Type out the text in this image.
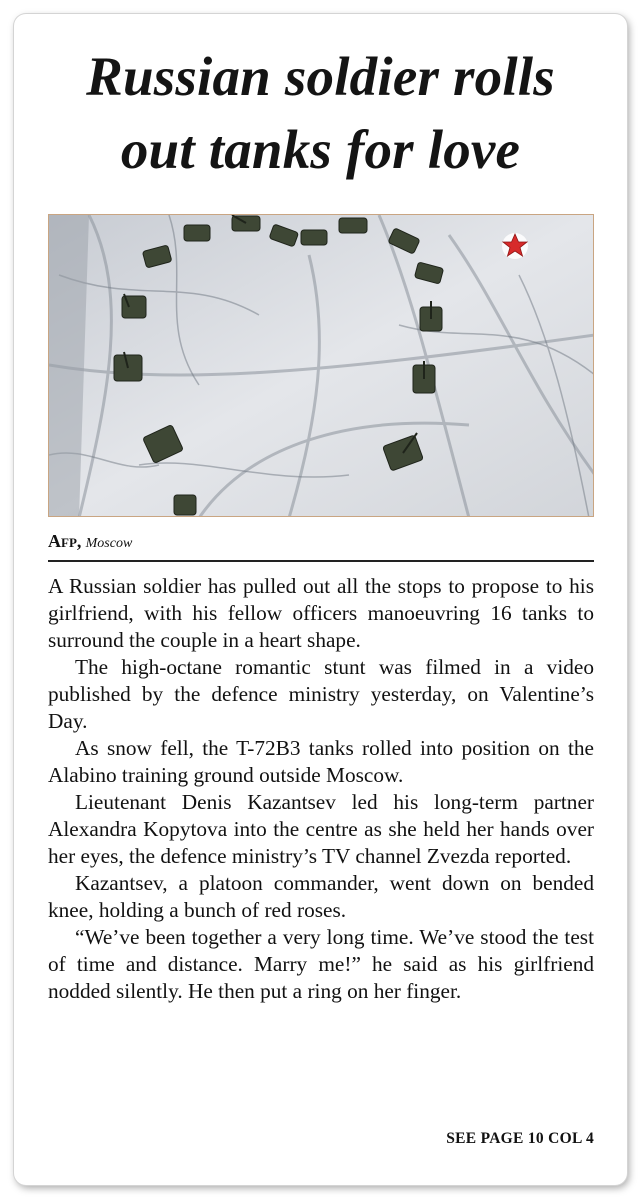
Russian soldier rolls
out tanks for love
Afp, Moscow

A Russian soldier has pulled out all the stops to propose to his girlfriend, with his fellow officers manoeuvring 16 tanks to surround the couple in a heart shape.

The high-octane romantic stunt was filmed in a video published by the defence ministry yesterday, on Valentine’s Day.

As snow fell, the T-72B3 tanks rolled into position on the Alabino training ground outside Moscow.

Lieutenant Denis Kazantsev led his long-term partner Alexandra Kopytova into the centre as she held her hands over her eyes, the defence ministry’s TV channel Zvezda reported.

Kazantsev, a platoon commander, went down on bended knee, holding a bunch of red roses.

“We’ve been together a very long time. We’ve stood the test of time and distance. Marry me!” he said as his girlfriend nodded silently. He then put a ring on her finger.

SEE PAGE 10 COL 4
